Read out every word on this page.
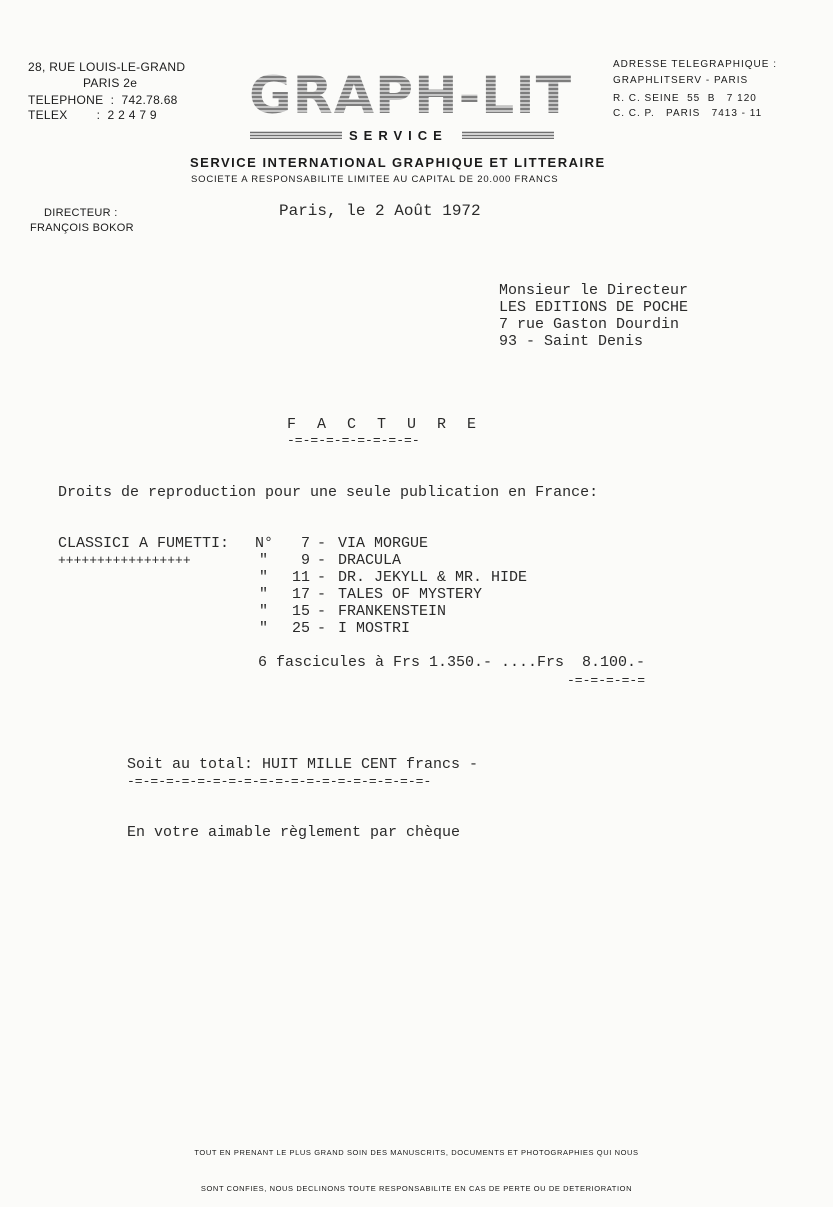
28, RUE LOUIS-LE-GRAND
PARIS 2e
TELEPHONE  :  742.78.68
TELEX        :  2 2 4 7 9
DIRECTEUR :
FRANÇOIS BOKOR
GRAPH-LIT
SERVICE
ADRESSE TELEGRAPHIQUE :
GRAPHLITSERV - PARIS
R. C. SEINE  55  B   7 120
C. C. P.   PARIS   7413 - 11
SERVICE INTERNATIONAL GRAPHIQUE ET LITTERAIRE
SOCIETE A RESPONSABILITE LIMITEE AU CAPITAL DE 20.000 FRANCS
Paris, le 2 Août 1972
Monsieur le Directeur
LES EDITIONS DE POCHE
7 rue Gaston Dourdin
93 - Saint Denis
F A C T U R E
-=-=-=-=-=-=-=-=-
Droits de reproduction pour une seule publication en France:
CLASSICI A FUMETTI:
+++++++++++++++++
N°	7 - VIA MORGUE
"	9 - DRACULA
" 11 - DR. JEKYLL & MR. HIDE
" 17 - TALES OF MYSTERY
" 15 - FRANKENSTEIN
" 25 - I MOSTRI
6 fascicules à Frs 1.350.- ....Frs  8.100.-
-=-=-=-=-=
Soit au total: HUIT MILLE CENT francs -
-=-=-=-=-=-=-=-=-=-=-=-=-=-=-=-=-=-=-=-
En votre aimable règlement par chèque

TOUT EN PRENANT LE PLUS GRAND SOIN DES MANUSCRITS, DOCUMENTS ET PHOTOGRAPHIES QUI NOUS

SONT CONFIES, NOUS DECLINONS TOUTE RESPONSABILITE EN CAS DE PERTE OU DE DETERIORATION
